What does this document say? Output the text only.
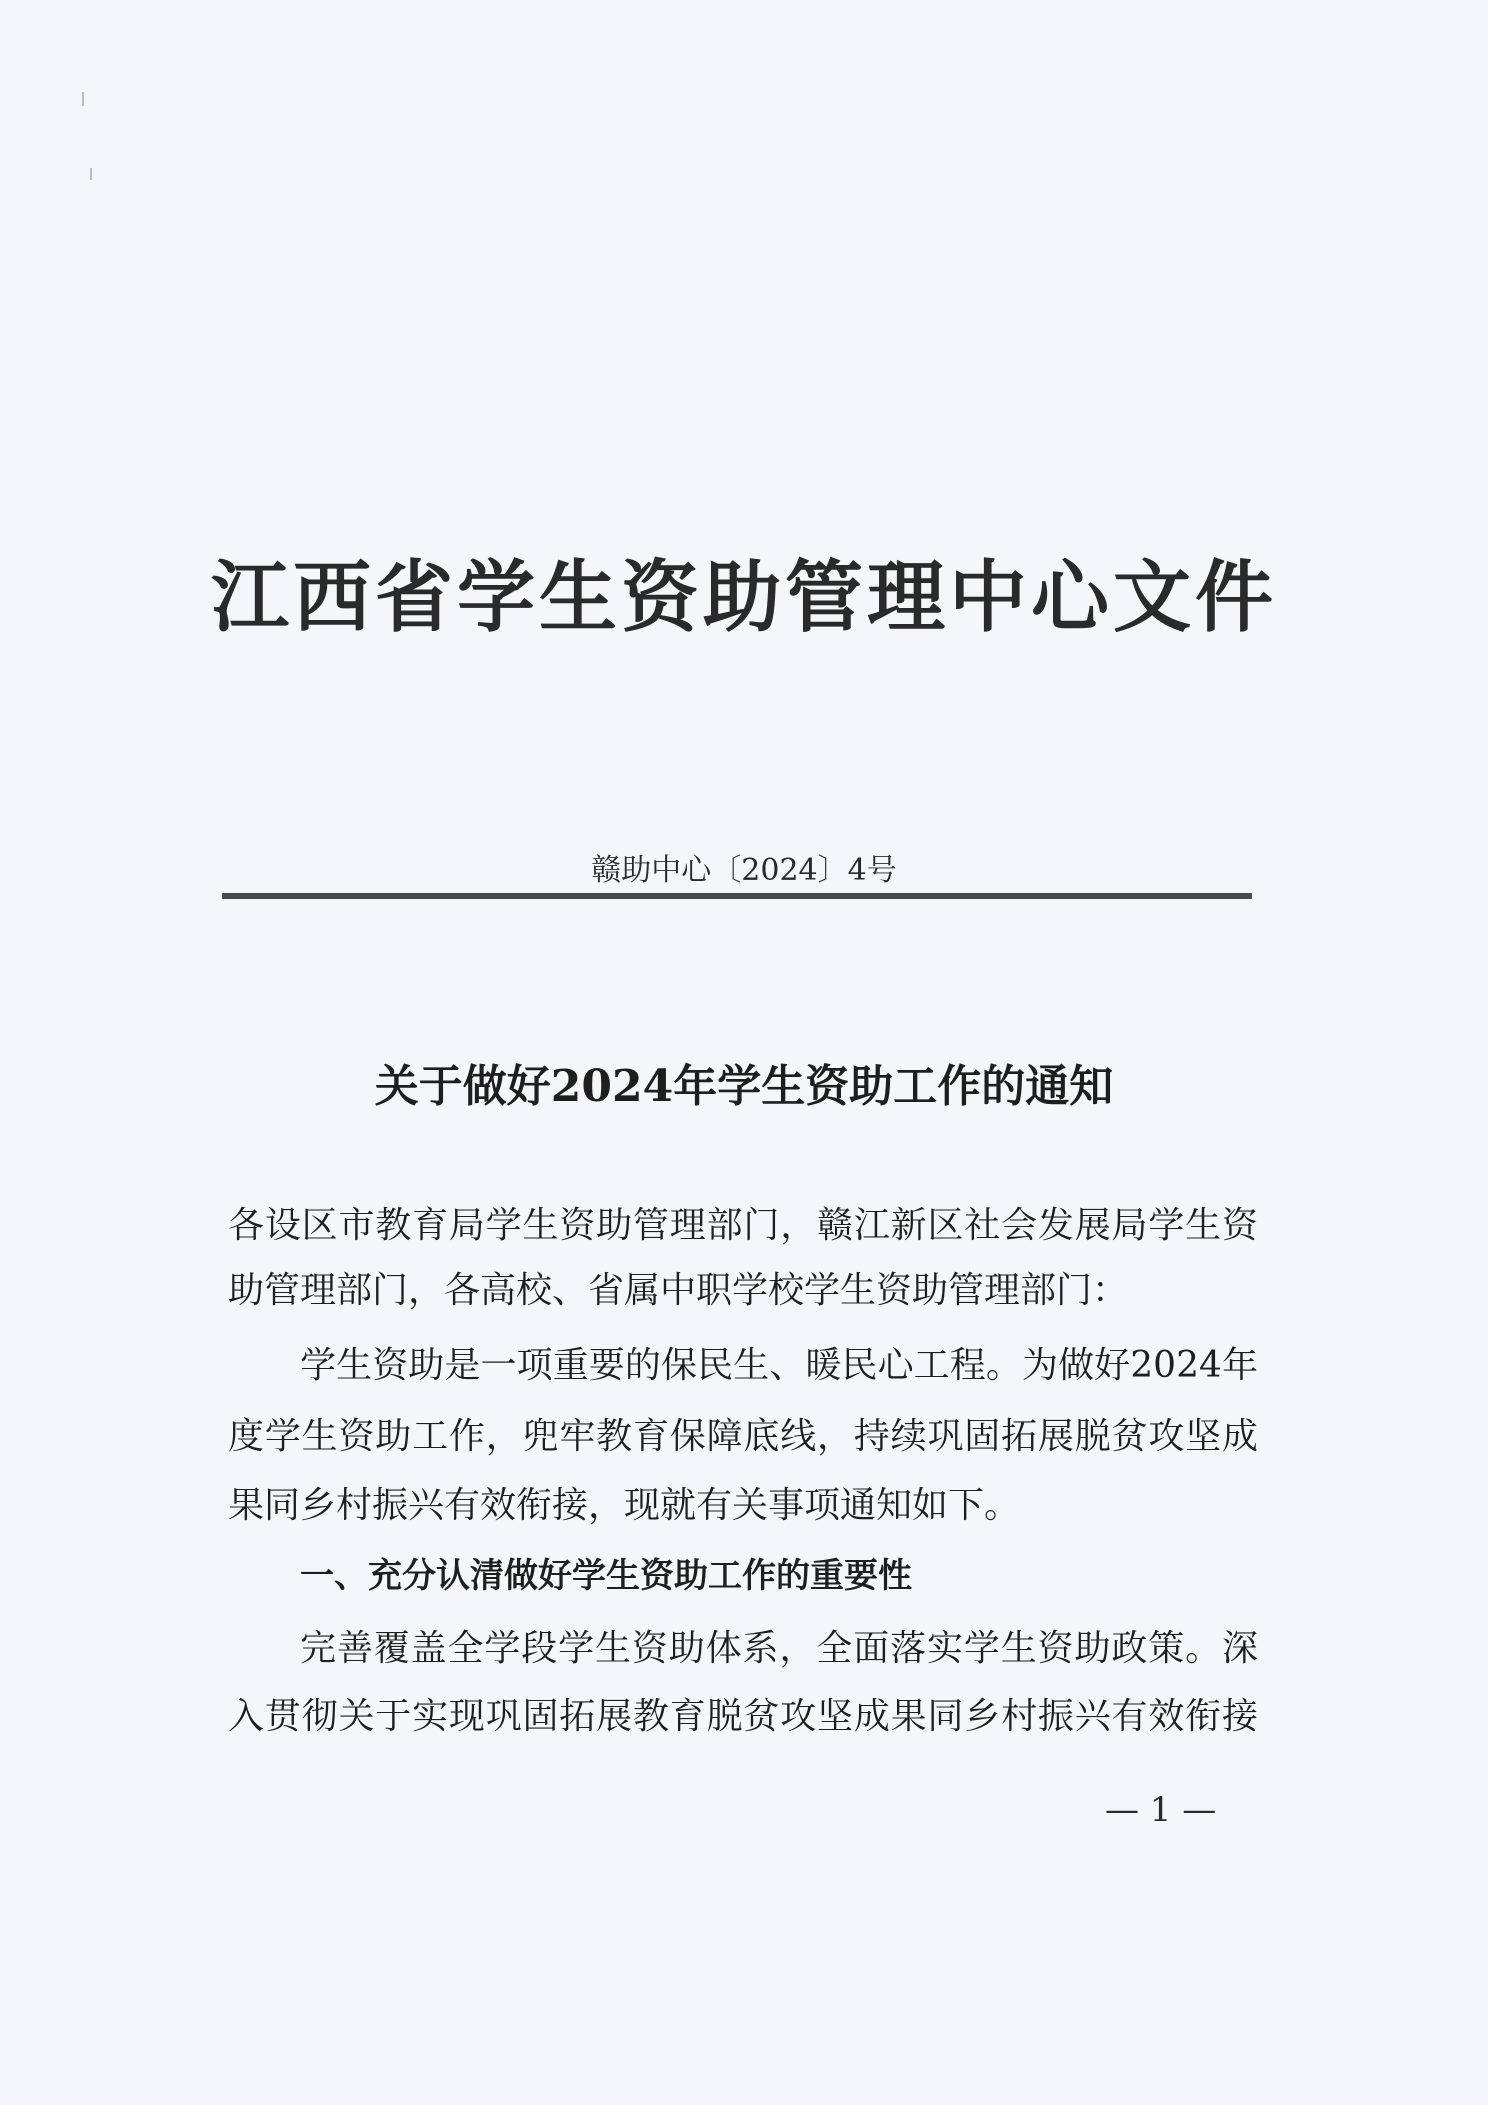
江西省学生资助管理中心文件
赣助中心〔2024〕4号
关于做好2024年学生资助工作的通知
各设区市教育局学生资助管理部门，赣江新区社会发展局学生资
助管理部门，各高校、省属中职学校学生资助管理部门：
学生资助是一项重要的保民生、暖民心工程。为做好2024年
度学生资助工作，兜牢教育保障底线，持续巩固拓展脱贫攻坚成
果同乡村振兴有效衔接，现就有关事项通知如下。
一、充分认清做好学生资助工作的重要性
完善覆盖全学段学生资助体系，全面落实学生资助政策。深
入贯彻关于实现巩固拓展教育脱贫攻坚成果同乡村振兴有效衔接
— 1 —
